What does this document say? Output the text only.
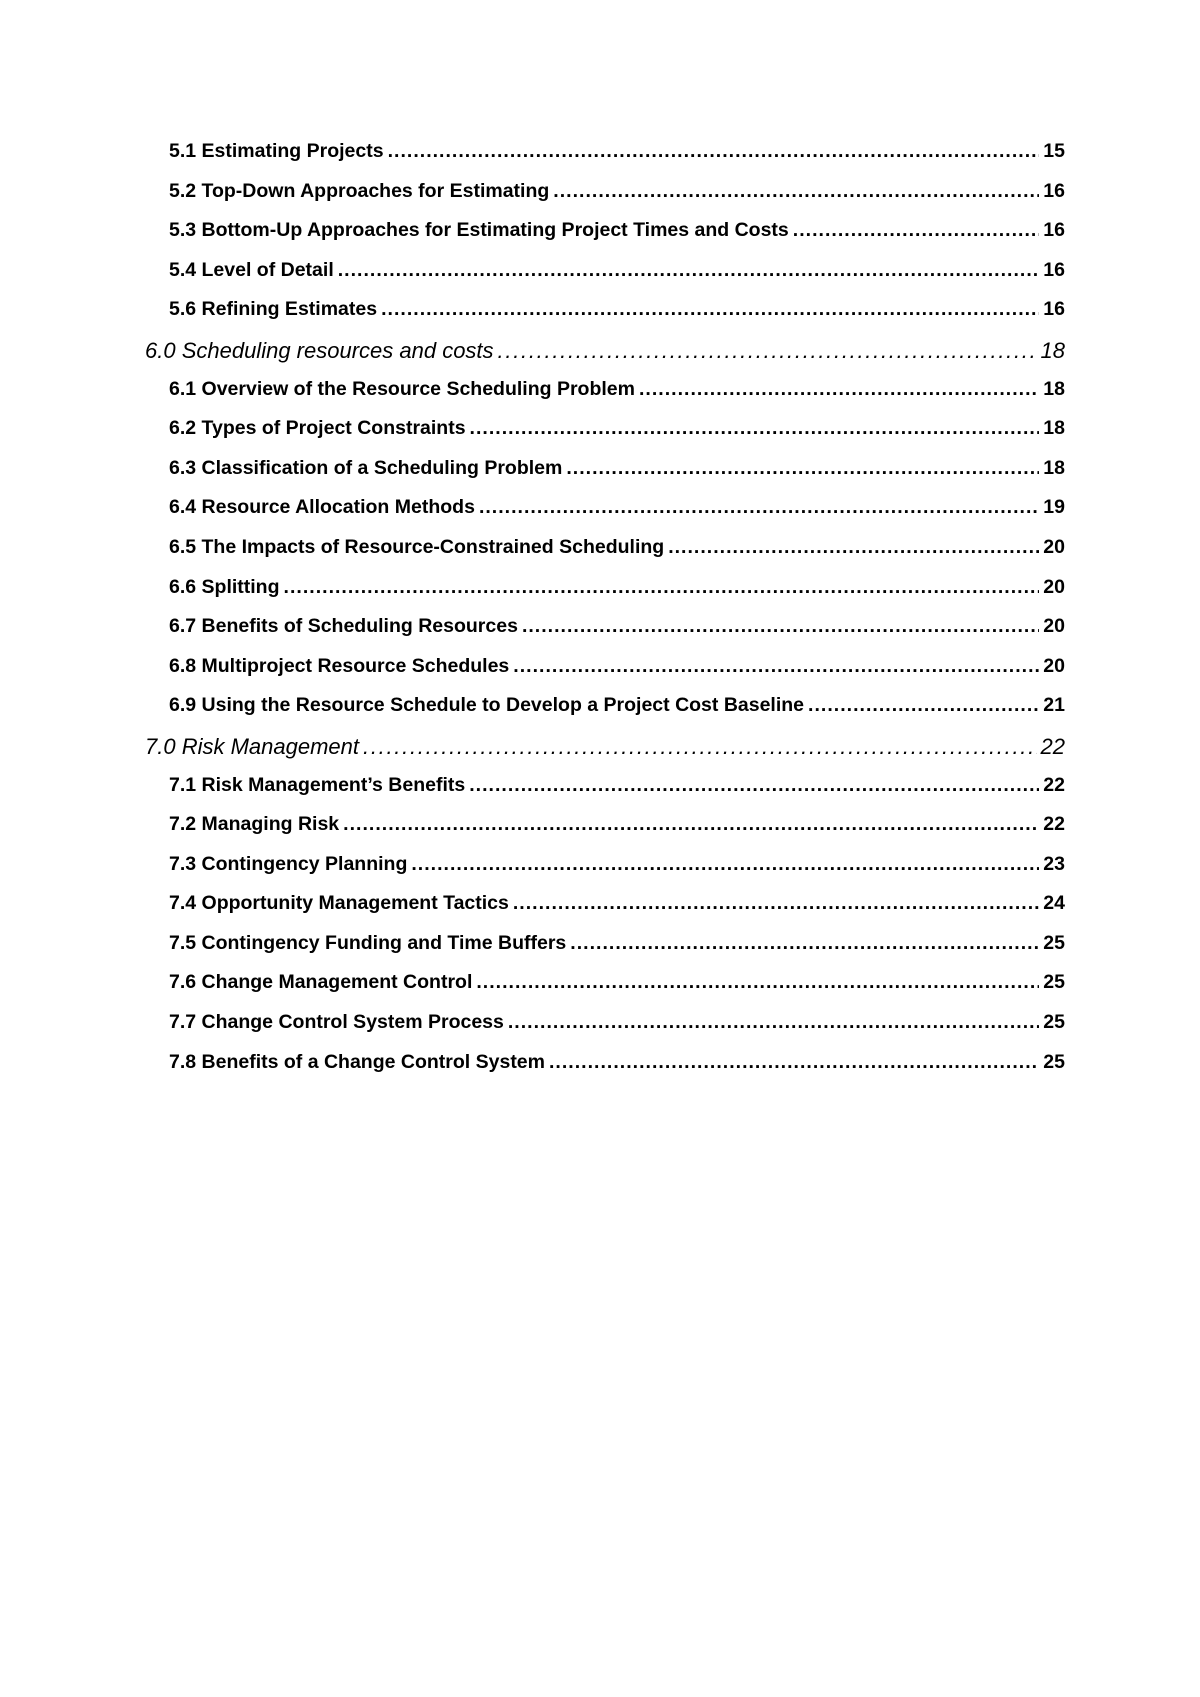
5.1 Estimating Projects . . .	15
5.2 Top-Down Approaches for Estimating . . .	16
5.3 Bottom-Up Approaches for Estimating Project Times and Costs . . .	16
5.4 Level of Detail . . .	16
5.6 Refining Estimates . . .	16
6.0 Scheduling resources and costs . . .	18
6.1 Overview of the Resource Scheduling Problem . . .	18
6.2 Types of Project Constraints . . .	18
6.3 Classification of a Scheduling Problem . . .	18
6.4 Resource Allocation Methods . . .	19
6.5 The Impacts of Resource-Constrained Scheduling . . .	20
6.6 Splitting . . .	20
6.7 Benefits of Scheduling Resources . . .	20
6.8 Multiproject Resource Schedules . . .	20
6.9 Using the Resource Schedule to Develop a Project Cost Baseline . . .	21
7.0 Risk Management . . .	22
7.1 Risk Management’s Benefits . . .	22
7.2 Managing Risk . . .	22
7.3 Contingency Planning . . .	23
7.4 Opportunity Management Tactics . . .	24
7.5 Contingency Funding and Time Buffers . . .	25
7.6 Change Management Control . . .	25
7.7 Change Control System Process . . .	25
7.8 Benefits of a Change Control System . . .	25
